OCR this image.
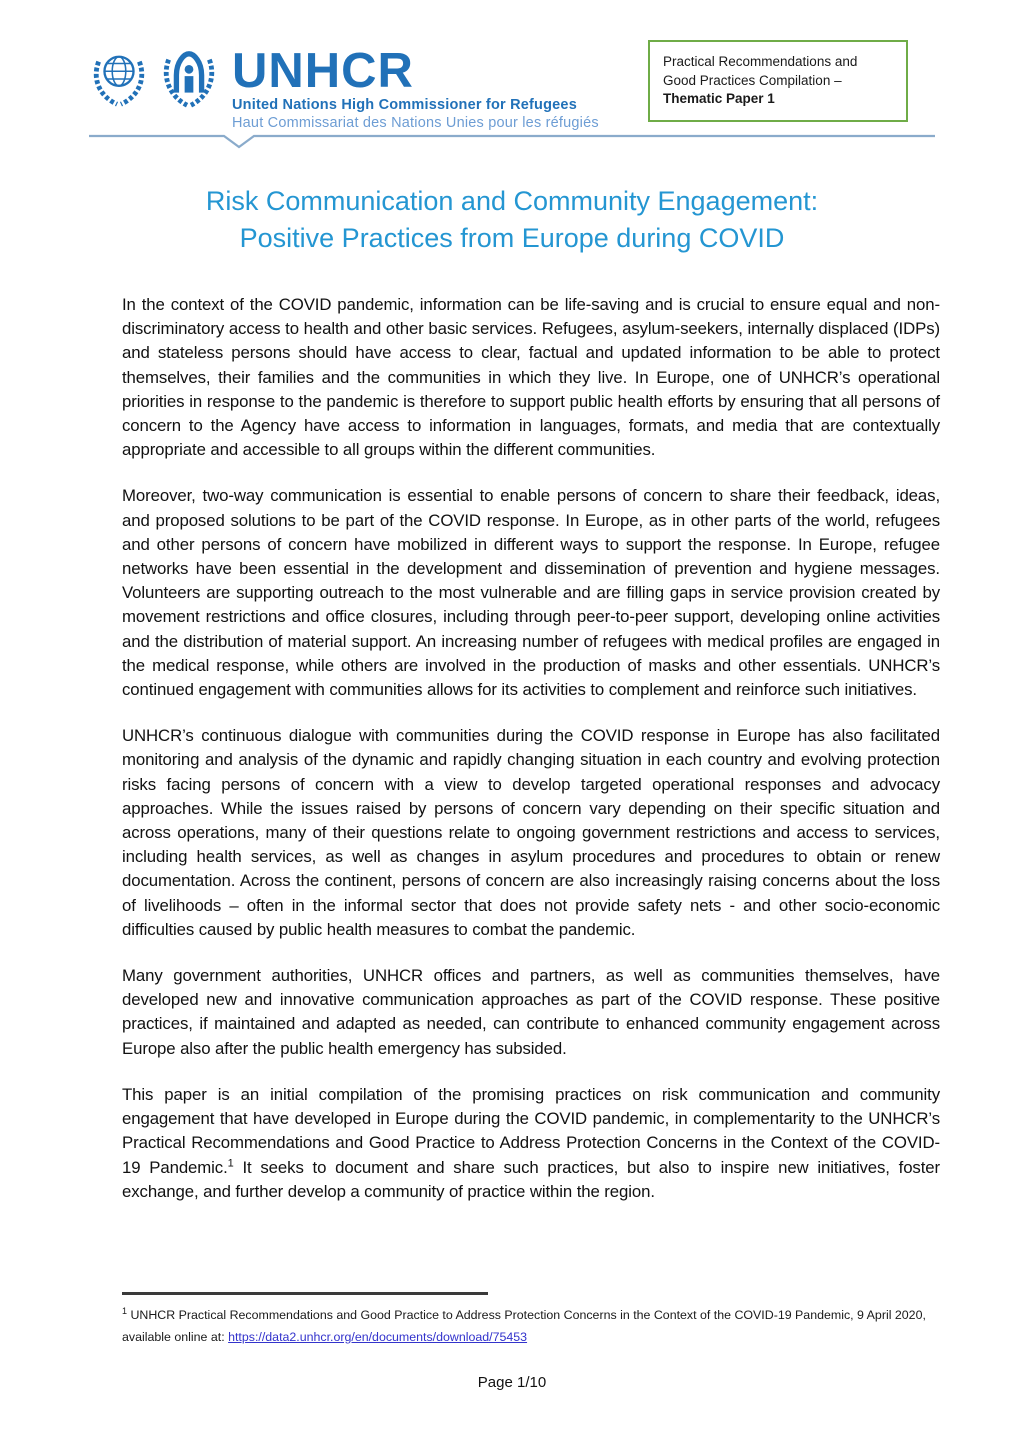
UNHCR
United Nations High Commissioner for Refugees
Haut Commissariat des Nations Unies pour les réfugiés
Practical Recommendations and
Good Practices Compilation –
Thematic Paper 1
Risk Communication and Community Engagement:
Positive Practices from Europe during COVID

In the context of the COVID pandemic, information can be life-saving and is crucial to ensure equal and non-discriminatory access to health and other basic services. Refugees, asylum-seekers, internally displaced (IDPs) and stateless persons should have access to clear, factual and updated information to be able to protect themselves, their families and the communities in which they live. In Europe, one of UNHCR’s operational priorities in response to the pandemic is therefore to support public health efforts by ensuring that all persons of concern to the Agency have access to information in languages, formats, and media that are contextually appropriate and accessible to all groups within the different communities.

Moreover, two-way communication is essential to enable persons of concern to share their feedback, ideas, and proposed solutions to be part of the COVID response. In Europe, as in other parts of the world, refugees and other persons of concern have mobilized in different ways to support the response. In Europe, refugee networks have been essential in the development and dissemination of prevention and hygiene messages. Volunteers are supporting outreach to the most vulnerable and are filling gaps in service provision created by movement restrictions and office closures, including through peer-to-peer support, developing online activities and the distribution of material support. An increasing number of refugees with medical profiles are engaged in the medical response, while others are involved in the production of masks and other essentials. UNHCR’s continued engagement with communities allows for its activities to complement and reinforce such initiatives.

UNHCR’s continuous dialogue with communities during the COVID response in Europe has also facilitated monitoring and analysis of the dynamic and rapidly changing situation in each country and evolving protection risks facing persons of concern with a view to develop targeted operational responses and advocacy approaches. While the issues raised by persons of concern vary depending on their specific situation and across operations, many of their questions relate to ongoing government restrictions and access to services, including health services, as well as changes in asylum procedures and procedures to obtain or renew documentation. Across the continent, persons of concern are also increasingly raising concerns about the loss of livelihoods – often in the informal sector that does not provide safety nets - and other socio-economic difficulties caused by public health measures to combat the pandemic.

Many government authorities, UNHCR offices and partners, as well as communities themselves, have developed new and innovative communication approaches as part of the COVID response. These positive practices, if maintained and adapted as needed, can contribute to enhanced community engagement across Europe also after the public health emergency has subsided.

This paper is an initial compilation of the promising practices on risk communication and community engagement that have developed in Europe during the COVID pandemic, in complementarity to the UNHCR’s Practical Recommendations and Good Practice to Address Protection Concerns in the Context of the COVID-19 Pandemic.$^1$ It seeks to document and share such practices, but also to inspire new initiatives, foster exchange, and further develop a community of practice within the region.

$^1$ UNHCR Practical Recommendations and Good Practice to Address Protection Concerns in the Context of the COVID-19 Pandemic, 9 April 2020, available online at: https://data2.unhcr.org/en/documents/download/75453
Page 1/10
